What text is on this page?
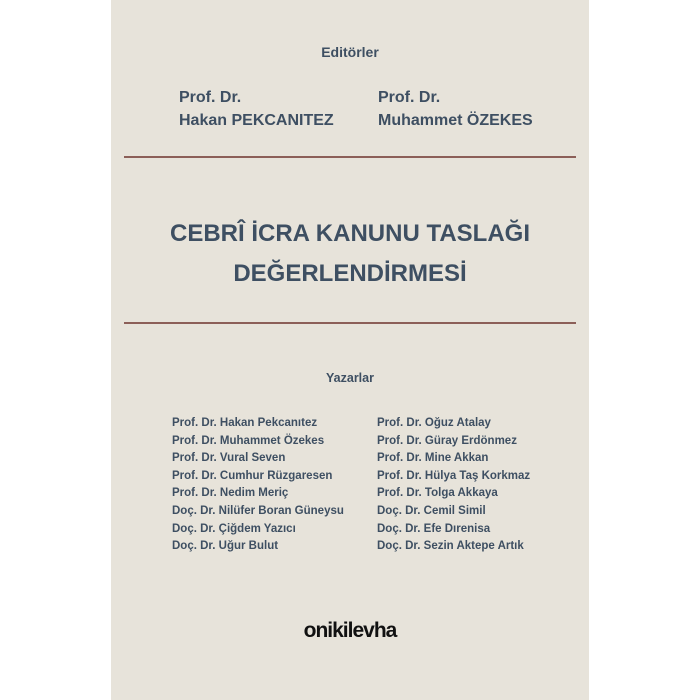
Editörler
Prof. Dr.
Hakan PEKCANITEZ
Prof. Dr.
Muhammet ÖZEKES
CEBRÎ İCRA KANUNU TASLAĞI
DEĞERLENDİRMESİ
Yazarlar
Prof. Dr. Hakan Pekcanıtez
Prof. Dr. Muhammet Özekes
Prof. Dr. Vural Seven
Prof. Dr. Cumhur Rüzgaresen
Prof. Dr. Nedim Meriç
Doç. Dr. Nilüfer Boran Güneysu
Doç. Dr. Çiğdem Yazıcı
Doç. Dr. Uğur Bulut
Prof. Dr. Oğuz Atalay
Prof. Dr. Güray Erdönmez
Prof. Dr. Mine Akkan
Prof. Dr. Hülya Taş Korkmaz
Prof. Dr. Tolga Akkaya
Doç. Dr. Cemil Simil
Doç. Dr. Efe Dırenisa
Doç. Dr. Sezin Aktepe Artık
onikilevha
